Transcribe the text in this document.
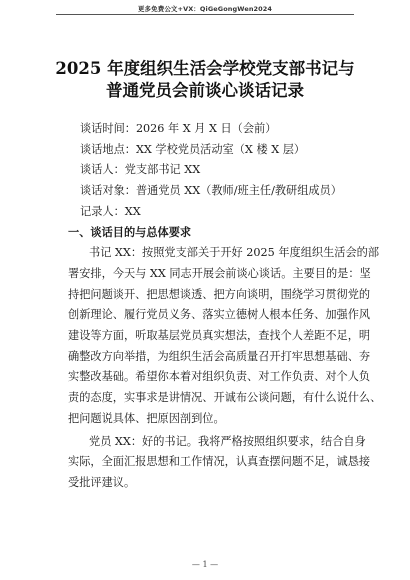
更多免费公文+VX：QiGeGongWen2024
2025 年度组织生活会学校党支部书记与
普通党员会前谈心谈话记录
谈话时间：2026 年 X 月 X 日（会前）
谈话地点：XX 学校党员活动室（X 楼 X 层）
谈话人：党支部书记 XX
谈话对象：普通党员 XX（教师/班主任/教研组成员）
记录人：XX
一、谈话目的与总体要求
书记 XX：按照党支部关于开好 2025 年度组织生活会的部
署安排，今天与 XX 同志开展会前谈心谈话。主要目的是：坚
持把问题谈开、把思想谈透、把方向谈明，围绕学习贯彻党的
创新理论、履行党员义务、落实立德树人根本任务、加强作风
建设等方面，听取基层党员真实想法，查找个人差距不足，明
确整改方向举措，为组织生活会高质量召开打牢思想基础、夯
实整改基础。希望你本着对组织负责、对工作负责、对个人负
责的态度，实事求是讲情况、开诚布公谈问题，有什么说什么、
把问题说具体、把原因剖到位。
党员 XX：好的书记。我将严格按照组织要求，结合自身
实际，全面汇报思想和工作情况，认真查摆问题不足，诚恳接
受批评建议。
— 1 —
